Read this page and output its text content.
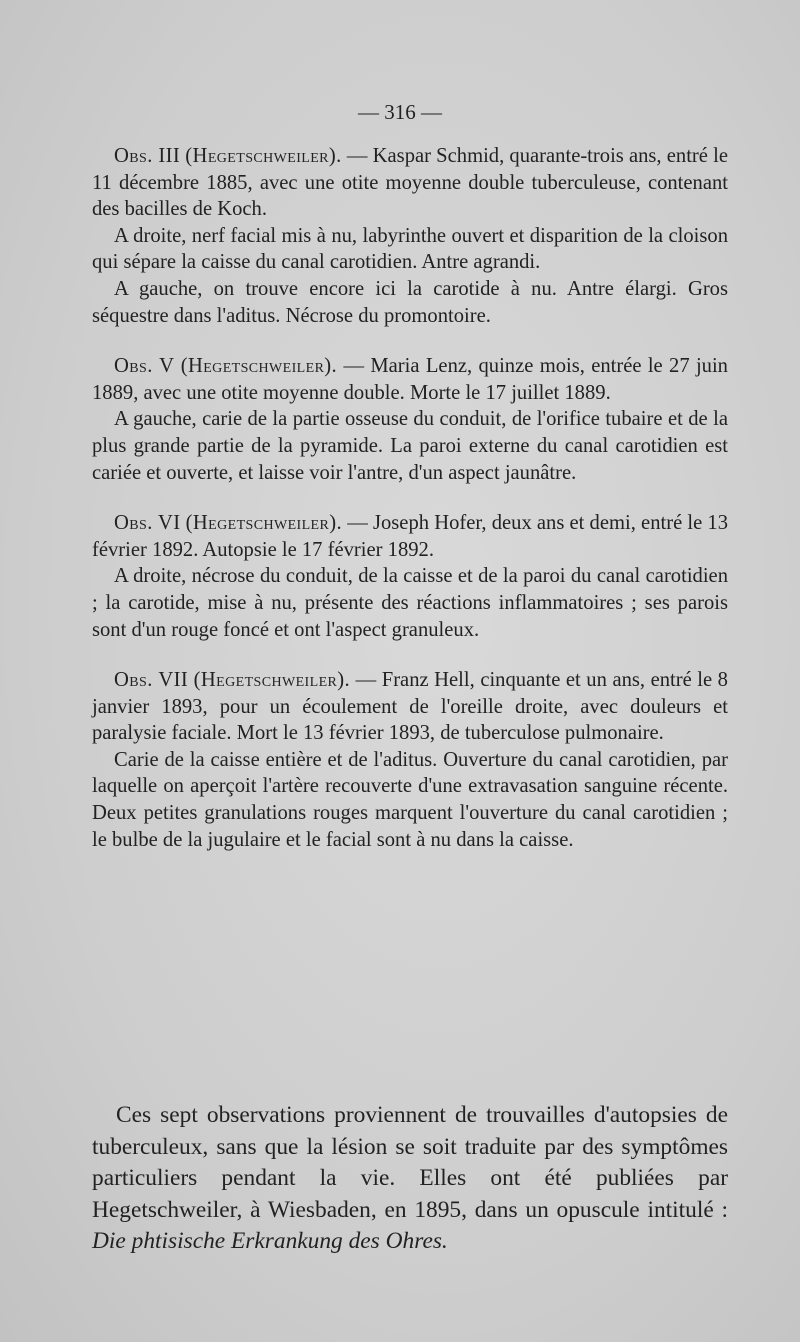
— 316 —

Obs. III (Hegetschweiler). — Kaspar Schmid, quarante-trois ans, entré le 11 décembre 1885, avec une otite moyenne double tuberculeuse, contenant des bacilles de Koch.

A droite, nerf facial mis à nu, labyrinthe ouvert et disparition de la cloison qui sépare la caisse du canal carotidien. Antre agrandi.

A gauche, on trouve encore ici la carotide à nu. Antre élargi. Gros séquestre dans l'aditus. Nécrose du promontoire.

Obs. V (Hegetschweiler). — Maria Lenz, quinze mois, entrée le 27 juin 1889, avec une otite moyenne double. Morte le 17 juillet 1889.

A gauche, carie de la partie osseuse du conduit, de l'orifice tubaire et de la plus grande partie de la pyramide. La paroi externe du canal carotidien est cariée et ouverte, et laisse voir l'antre, d'un aspect jaunâtre.

Obs. VI (Hegetschweiler). — Joseph Hofer, deux ans et demi, entré le 13 février 1892. Autopsie le 17 février 1892.

A droite, nécrose du conduit, de la caisse et de la paroi du canal carotidien ; la carotide, mise à nu, présente des réactions inflammatoires ; ses parois sont d'un rouge foncé et ont l'aspect granuleux.

Obs. VII (Hegetschweiler). — Franz Hell, cinquante et un ans, entré le 8 janvier 1893, pour un écoulement de l'oreille droite, avec douleurs et paralysie faciale. Mort le 13 février 1893, de tuberculose pulmonaire.

Carie de la caisse entière et de l'aditus. Ouverture du canal carotidien, par laquelle on aperçoit l'artère recouverte d'une extravasation sanguine récente. Deux petites granulations rouges marquent l'ouverture du canal carotidien ; le bulbe de la jugulaire et le facial sont à nu dans la caisse.

Ces sept observations proviennent de trouvailles d'autopsies de tuberculeux, sans que la lésion se soit traduite par des symptômes particuliers pendant la vie. Elles ont été publiées par Hegetschweiler, à Wiesbaden, en 1895, dans un opuscule intitulé : Die phtisische Erkrankung des Ohres.
